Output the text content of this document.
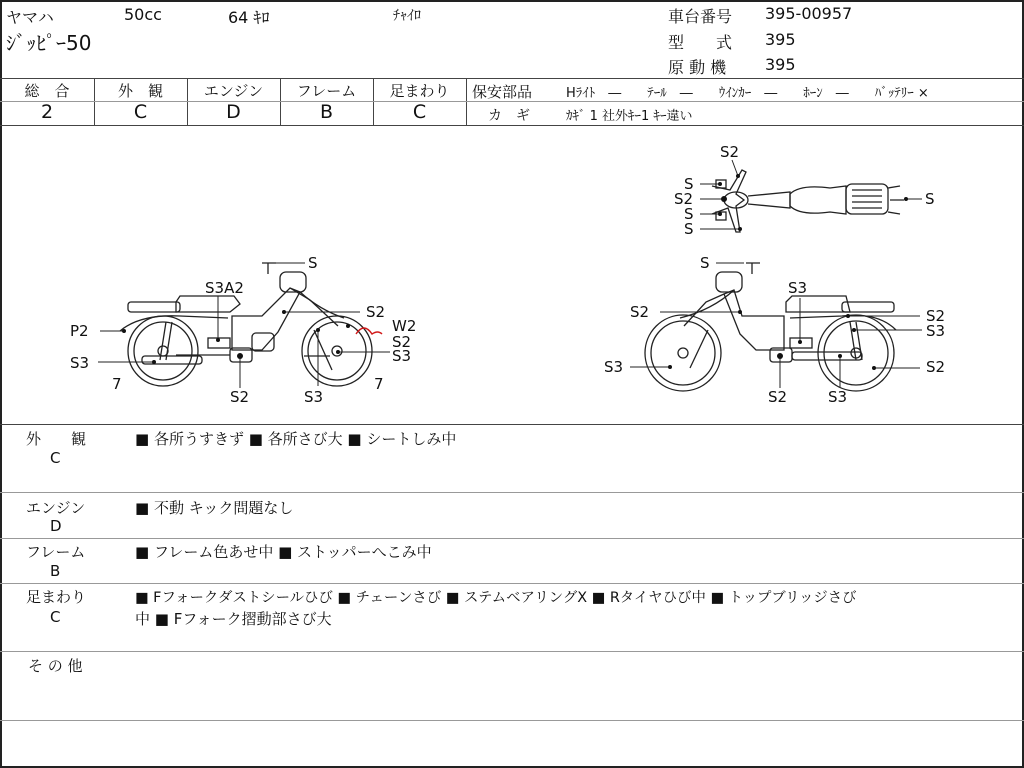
ヤマハ	50cc	64 ｷﾛ	ﾁｬｲﾛ
ｼﾞｯﾋﾟｰ50
車台番号 395-00957
型　　式 395
原 動 機 395
総　合	外　観	エンジン	フレーム	足まわり
2	C	D	B	C
保安部品	Hﾗｲﾄ　―　　ﾃｰﾙ　―　　ｳｲﾝｶｰ　―　　ﾎｰﾝ　―　　ﾊﾞｯﾃﾘｰ ×
カ　ギ	ｶｷﾞ 1 社外ｷｰ1 ｷｰ違い
S2
S
S2
S
S
S
S	S
S3A2
S2
P2	W2
S2
S3
S3
7	7
S2	S3
S3
S2	S2
S3
S3	S2
S2	S3
外　　観
C
■ 各所うすきず ■ 各所さび大 ■ シートしみ中
エンジン
D
■ 不動 キック問題なし
フレーム
B
■ フレーム色あせ中 ■ ストッパーへこみ中
足まわり
C
■ Fフォークダストシールひび ■ チェーンさび ■ ステムベアリングX ■ Rタイヤひび中 ■ トップブリッジさび
中 ■ Fフォーク摺動部さび大
そ の 他
